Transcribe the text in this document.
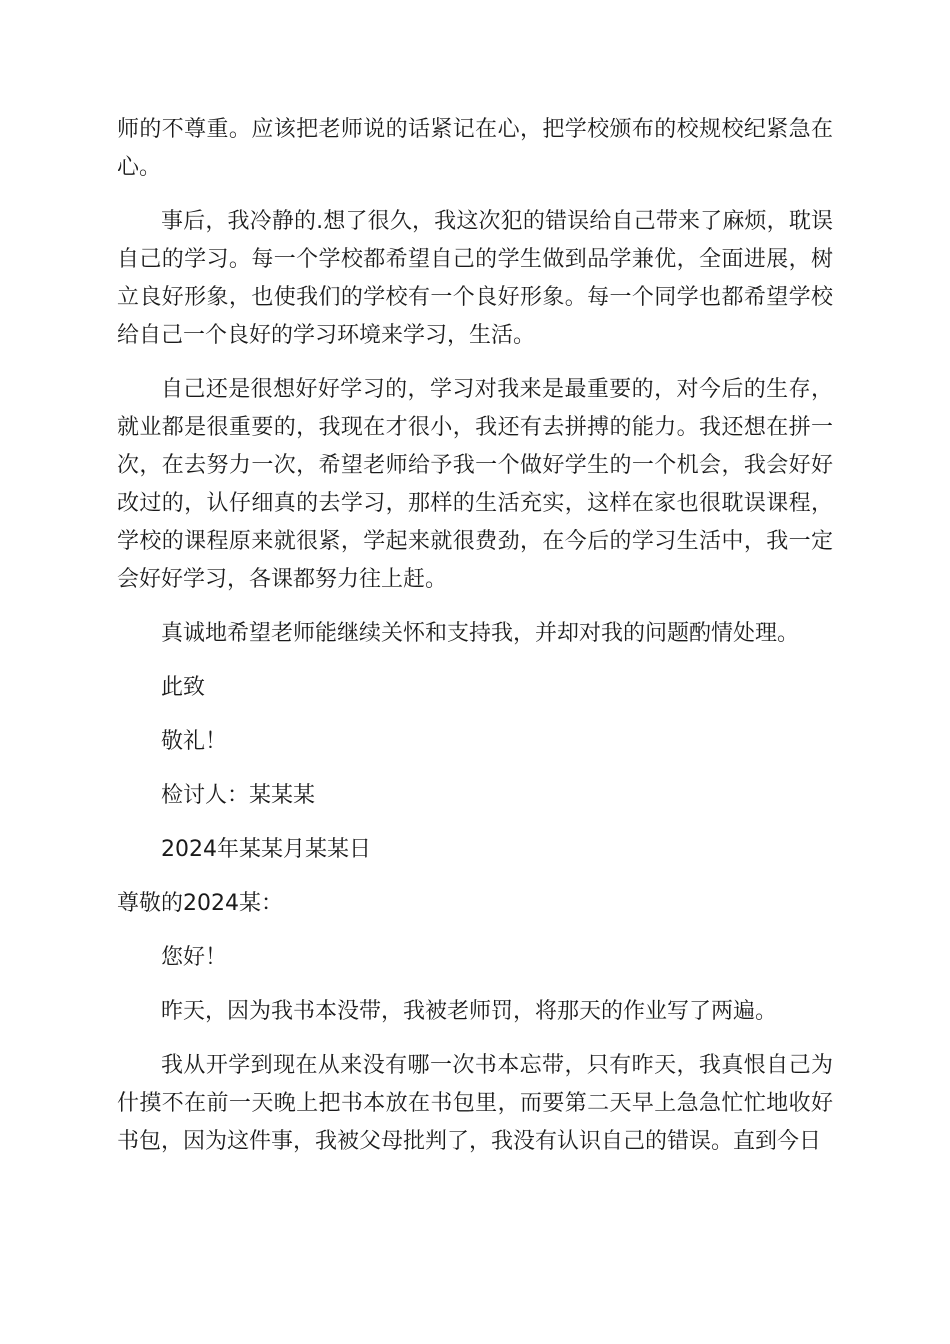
师的不尊重。应该把老师说的话紧记在心，把学校颁布的校规校纪紧急在心。

事后，我冷静的.想了很久，我这次犯的错误给自己带来了麻烦，耽误自己的学习。每一个学校都希望自己的学生做到品学兼优，全面进展，树立良好形象，也使我们的学校有一个良好形象。每一个同学也都希望学校给自己一个良好的学习环境来学习，生活。

自己还是很想好好学习的，学习对我来是最重要的，对今后的生存，就业都是很重要的，我现在才很小，我还有去拼搏的能力。我还想在拼一次，在去努力一次，希望老师给予我一个做好学生的一个机会，我会好好改过的，认仔细真的去学习，那样的生活充实，这样在家也很耽误课程，学校的课程原来就很紧，学起来就很费劲，在今后的学习生活中，我一定会好好学习，各课都努力往上赶。

真诚地希望老师能继续关怀和支持我，并却对我的问题酌情处理。

此致
敬礼！
检讨人：某某某
2024年某某月某某日
尊敬的2024某：
您好！

昨天，因为我书本没带，我被老师罚，将那天的作业写了两遍。

我从开学到现在从来没有哪一次书本忘带，只有昨天，我真恨自己为什摸不在前一天晚上把书本放在书包里，而要第二天早上急急忙忙地收好书包，因为这件事，我被父母批判了，我没有认识自己的错误。直到今日
